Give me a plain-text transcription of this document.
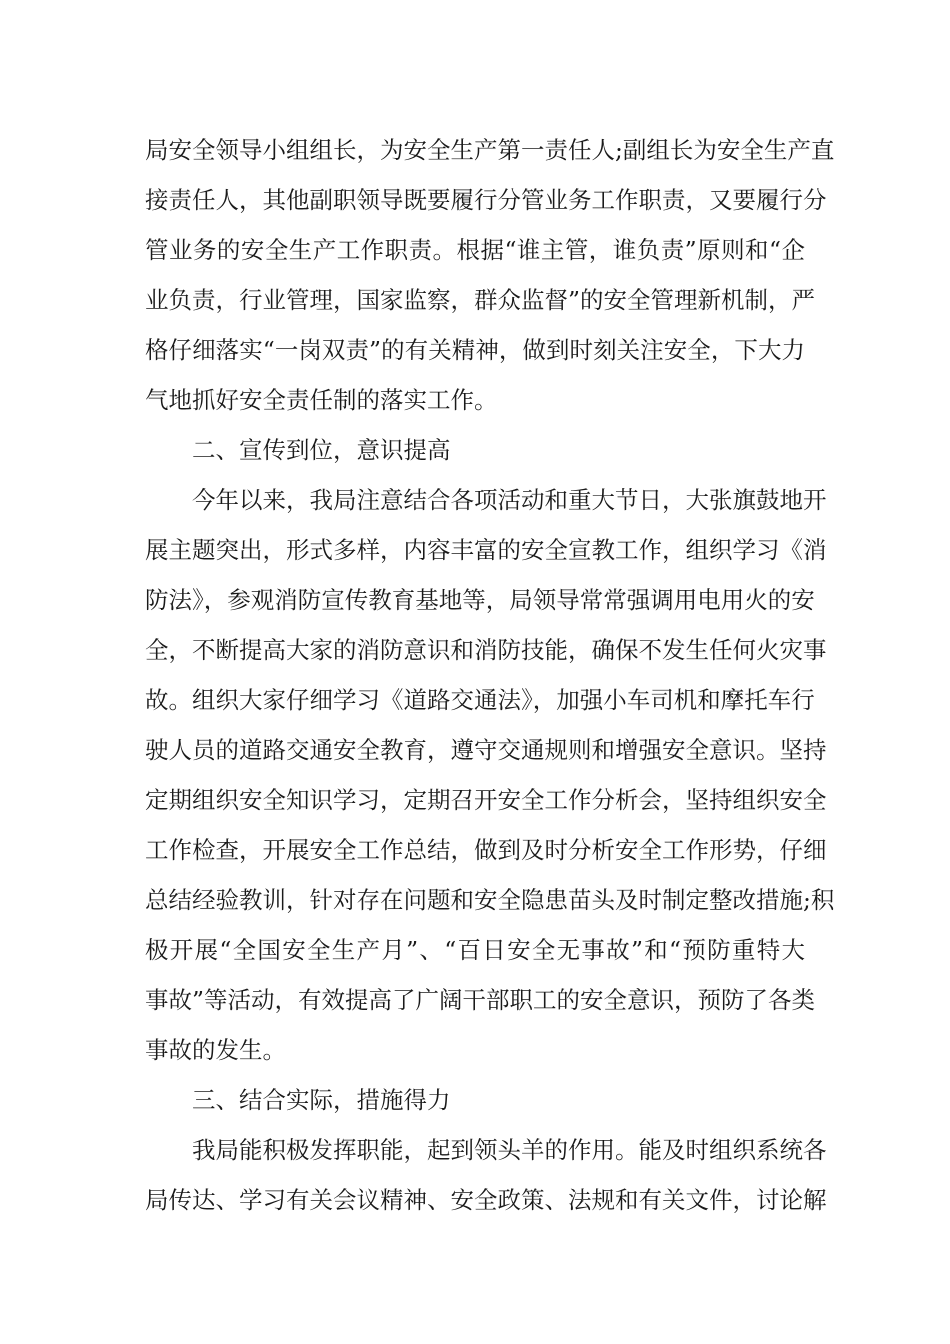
局安全领导小组组长，为安全生产第一责任人;副组长为安全生产直
接责任人，其他副职领导既要履行分管业务工作职责，又要履行分
管业务的安全生产工作职责。根据“谁主管，谁负责”原则和“企
业负责，行业管理，国家监察，群众监督”的安全管理新机制，严
格仔细落实“一岗双责”的有关精神，做到时刻关注安全，下大力
气地抓好安全责任制的落实工作。
二、宣传到位，意识提高
今年以来，我局注意结合各项活动和重大节日，大张旗鼓地开
展主题突出，形式多样，内容丰富的安全宣教工作，组织学习《消
防法》，参观消防宣传教育基地等，局领导常常强调用电用火的安
全，不断提高大家的消防意识和消防技能，确保不发生任何火灾事
故。组织大家仔细学习《道路交通法》，加强小车司机和摩托车行
驶人员的道路交通安全教育，遵守交通规则和增强安全意识。坚持
定期组织安全知识学习，定期召开安全工作分析会，坚持组织安全
工作检查，开展安全工作总结，做到及时分析安全工作形势，仔细
总结经验教训，针对存在问题和安全隐患苗头及时制定整改措施;积
极开展“全国安全生产月”、“百日安全无事故”和“预防重特大
事故”等活动，有效提高了广阔干部职工的安全意识，预防了各类
事故的发生。
三、结合实际，措施得力
我局能积极发挥职能，起到领头羊的作用。能及时组织系统各
局传达、学习有关会议精神、安全政策、法规和有关文件，讨论解
